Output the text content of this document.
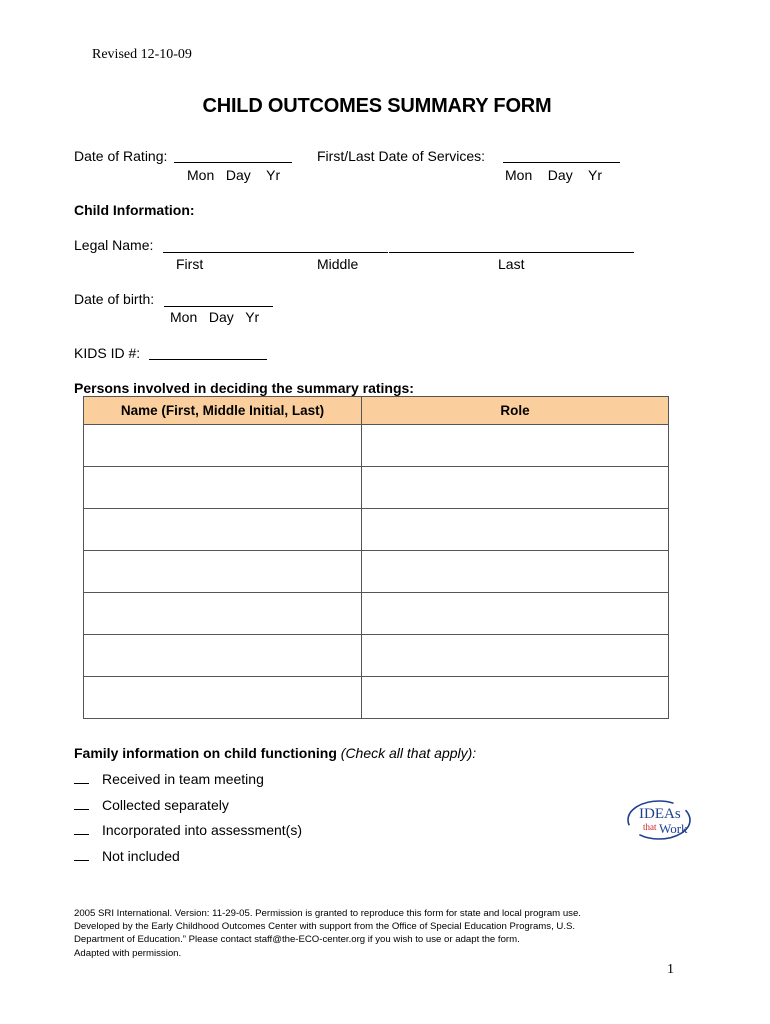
Revised 12-10-09
CHILD OUTCOMES SUMMARY FORM
Date of Rating:	First/Last Date of Services:
Mon   Day    Yr	Mon    Day    Yr
Child Information:
Legal Name:
First	Middle	Last
Date of birth:
Mon   Day   Yr
KIDS ID #:
Persons involved in deciding the summary ratings:
Name (First, Middle Initial, Last)	Role

Family information on child functioning (Check all that apply):
Received in team meeting
Collected separately
Incorporated into assessment(s)
Not included
IDEAs
that Work
2005 SRI International. Version: 11-29-05. Permission is granted to reproduce this form for state and local program use.
Developed by the Early Childhood Outcomes Center with support from the Office of Special Education Programs, U.S.
Department of Education.” Please contact staff@the-ECO-center.org if you wish to use or adapt the form.
Adapted with permission.
1
